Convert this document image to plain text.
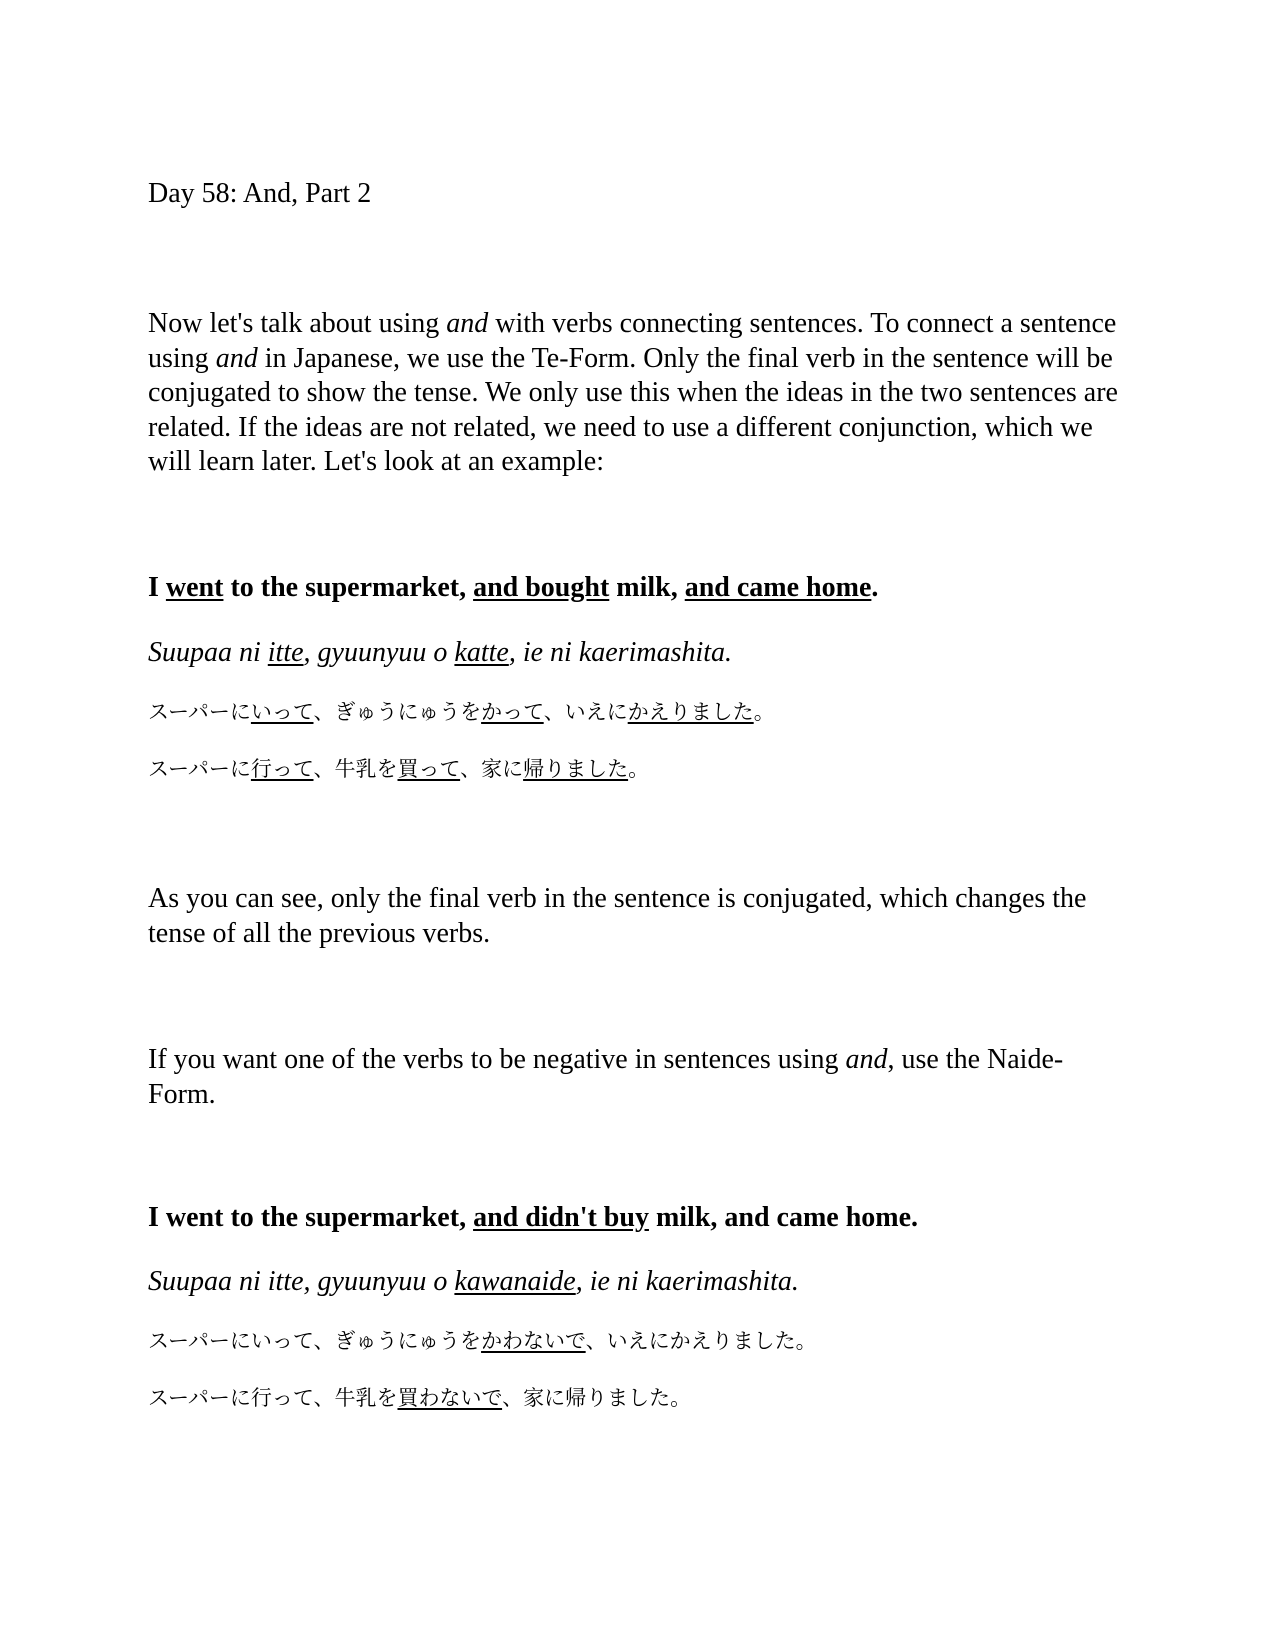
Day 58: And, Part 2

Now let's talk about using and with verbs connecting sentences. To connect a sentence using and in Japanese, we use the Te-Form. Only the final verb in the sentence will be conjugated to show the tense. We only use this when the ideas in the two sentences are related. If the ideas are not related, we need to use a different conjunction, which we will learn later. Let's look at an example:

I went to the supermarket, and bought milk, and came home.

Suupaa ni itte, gyuunyuu o katte, ie ni kaerimashita.

スーパーにいって、ぎゅうにゅうをかって、いえにかえりました。

スーパーに行って、牛乳を買って、家に帰りました。

As you can see, only the final verb in the sentence is conjugated, which changes the tense of all the previous verbs.

If you want one of the verbs to be negative in sentences using and, use the Naide-Form.

I went to the supermarket, and didn't buy milk, and came home.

Suupaa ni itte, gyuunyuu o kawanaide, ie ni kaerimashita.

スーパーにいって、ぎゅうにゅうをかわないで、いえにかえりました。

スーパーに行って、牛乳を買わないで、家に帰りました。
